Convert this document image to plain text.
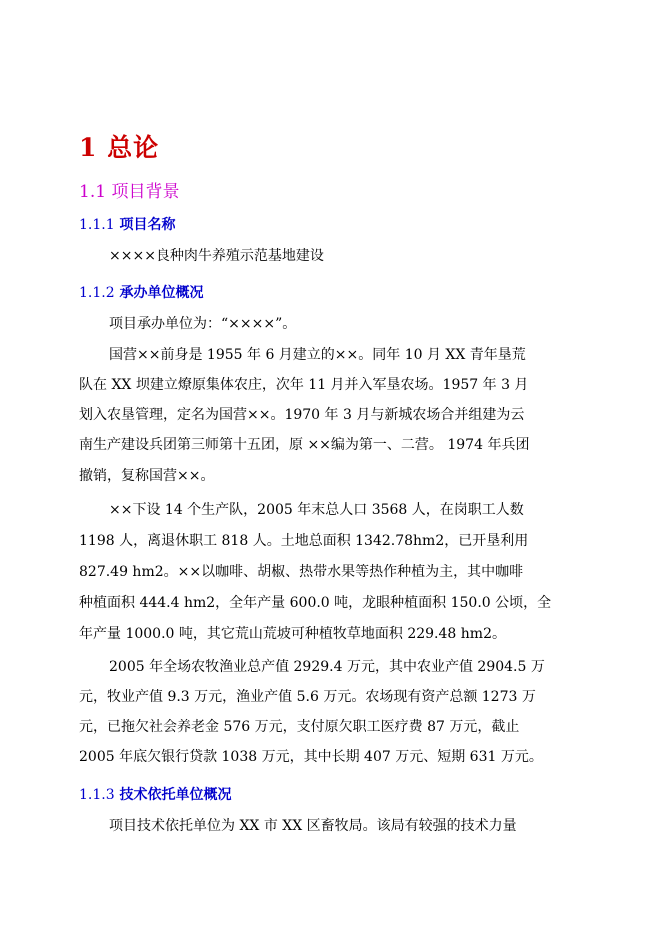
1 总论
1.1 项目背景
1.1.1 项目名称
××××良种肉牛养殖示范基地建设
1.1.2 承办单位概况
项目承办单位为：“××××”。
国营××前身是 1955 年 6 月建立的××。同年 10 月 XX 青年垦荒
队在 XX 坝建立燎原集体农庄，次年 11 月并入军垦农场。1957 年 3 月
划入农垦管理，定名为国营××。1970 年 3 月与新城农场合并组建为云
南生产建设兵团第三师第十五团，原 ××编为第一、二营。 1974 年兵团
撤销，复称国营××。
××下设 14 个生产队，2005 年末总人口 3568 人，在岗职工人数
1198 人，离退休职工 818 人。土地总面积 1342.78hm2，已开垦利用
827.49 hm2。××以咖啡、胡椒、热带水果等热作种植为主，其中咖啡
种植面积 444.4 hm2，全年产量 600.0 吨，龙眼种植面积 150.0 公顷，全
年产量 1000.0 吨，其它荒山荒坡可种植牧草地面积 229.48 hm2。
2005 年全场农牧渔业总产值 2929.4 万元，其中农业产值 2904.5 万
元，牧业产值 9.3 万元，渔业产值 5.6 万元。农场现有资产总额 1273 万
元，已拖欠社会养老金 576 万元，支付原欠职工医疗费 87 万元，截止
2005 年底欠银行贷款 1038 万元，其中长期 407 万元、短期 631 万元。
1.1.3 技术依托单位概况
项目技术依托单位为 XX 市 XX 区畜牧局。该局有较强的技术力量
